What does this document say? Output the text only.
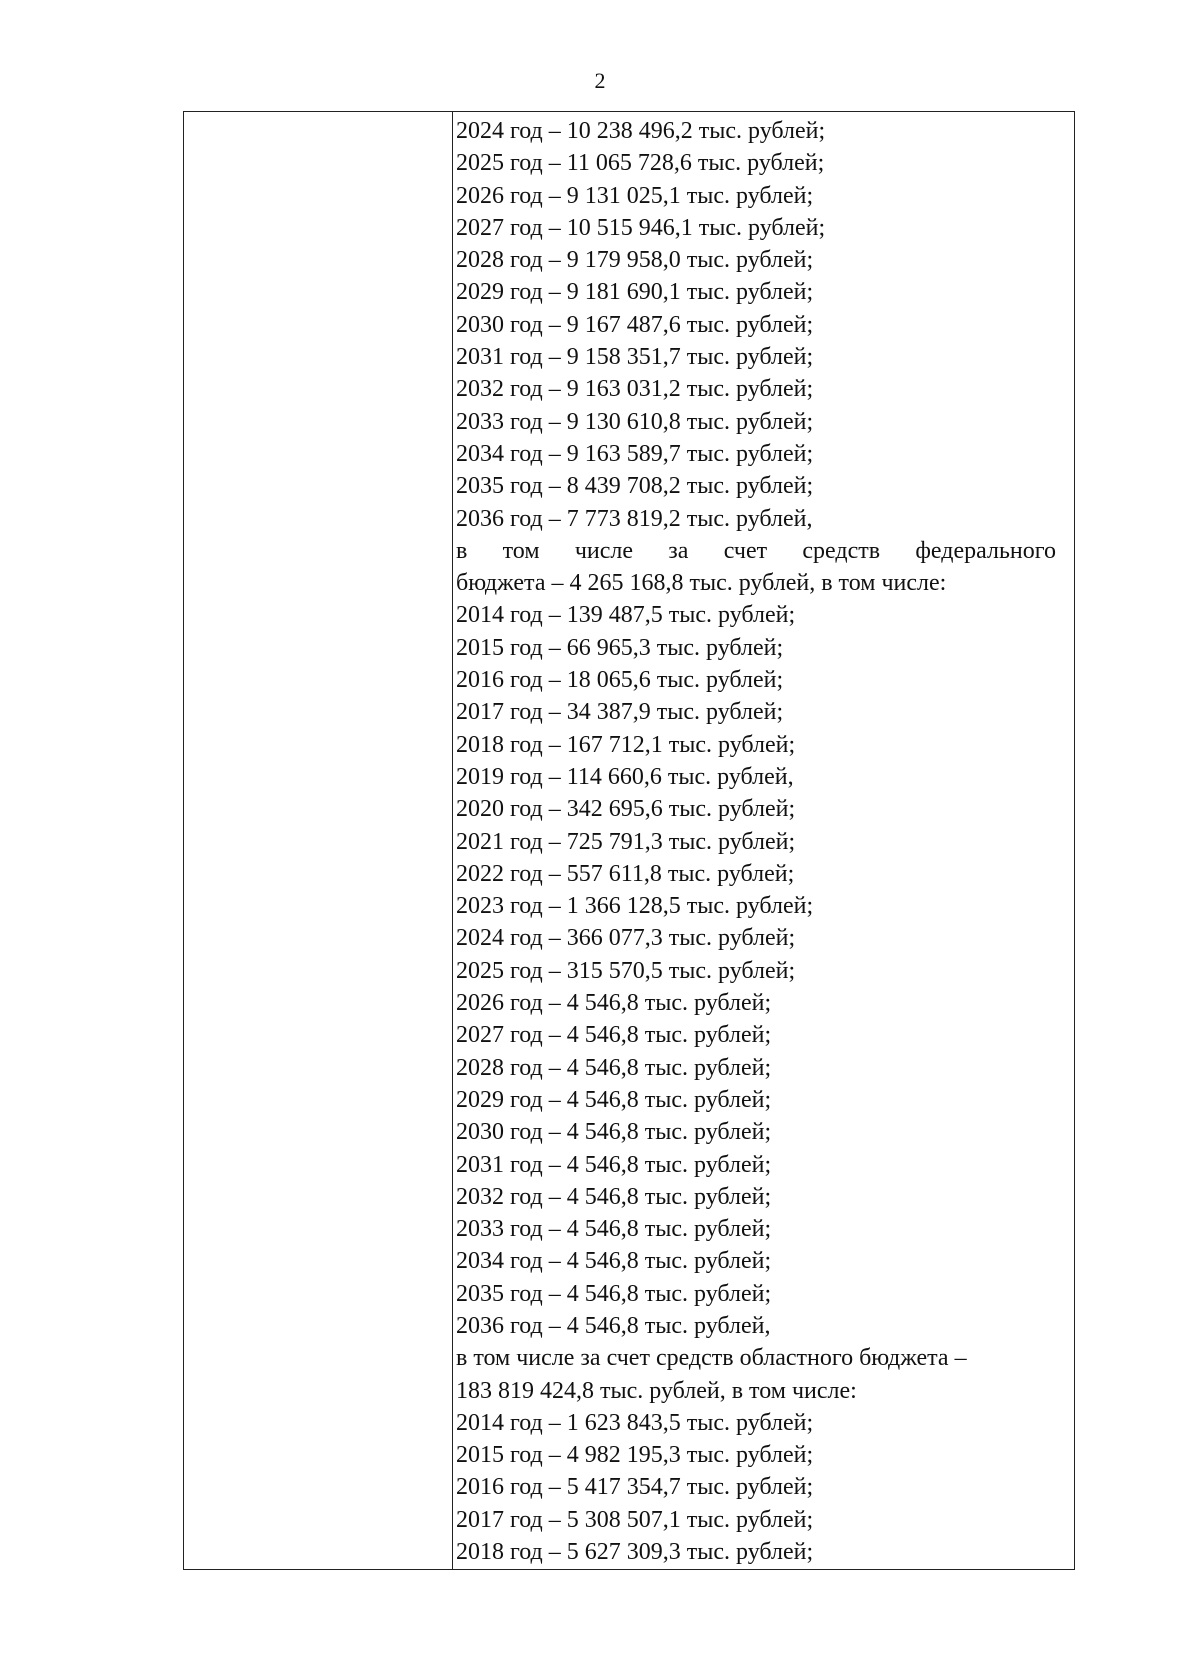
2
2024 год – 10 238 496,2 тыс. рублей;
2025 год – 11 065 728,6 тыс. рублей;
2026 год – 9 131 025,1 тыс. рублей;
2027 год – 10 515 946,1 тыс. рублей;
2028 год – 9 179 958,0 тыс. рублей;
2029 год – 9 181 690,1 тыс. рублей;
2030 год – 9 167 487,6 тыс. рублей;
2031 год – 9 158 351,7 тыс. рублей;
2032 год – 9 163 031,2 тыс. рублей;
2033 год – 9 130 610,8 тыс. рублей;
2034 год – 9 163 589,7 тыс. рублей;
2035 год – 8 439 708,2 тыс. рублей;
2036 год – 7 773 819,2 тыс. рублей,
в том числе за счет средств федерального
бюджета – 4 265 168,8 тыс. рублей, в том числе:
2014 год – 139 487,5 тыс. рублей;
2015 год – 66 965,3 тыс. рублей;
2016 год – 18 065,6 тыс. рублей;
2017 год – 34 387,9 тыс. рублей;
2018 год – 167 712,1 тыс. рублей;
2019 год – 114 660,6 тыс. рублей,
2020 год – 342 695,6 тыс. рублей;
2021 год – 725 791,3 тыс. рублей;
2022 год – 557 611,8 тыс. рублей;
2023 год – 1 366 128,5 тыс. рублей;
2024 год – 366 077,3 тыс. рублей;
2025 год – 315 570,5 тыс. рублей;
2026 год – 4 546,8 тыс. рублей;
2027 год – 4 546,8 тыс. рублей;
2028 год – 4 546,8 тыс. рублей;
2029 год – 4 546,8 тыс. рублей;
2030 год – 4 546,8 тыс. рублей;
2031 год – 4 546,8 тыс. рублей;
2032 год – 4 546,8 тыс. рублей;
2033 год – 4 546,8 тыс. рублей;
2034 год – 4 546,8 тыс. рублей;
2035 год – 4 546,8 тыс. рублей;
2036 год – 4 546,8 тыс. рублей,
в том числе за счет средств областного бюджета –
183 819 424,8 тыс. рублей, в том числе:
2014 год – 1 623 843,5 тыс. рублей;
2015 год – 4 982 195,3 тыс. рублей;
2016 год – 5 417 354,7 тыс. рублей;
2017 год – 5 308 507,1 тыс. рублей;
2018 год – 5 627 309,3 тыс. рублей;
